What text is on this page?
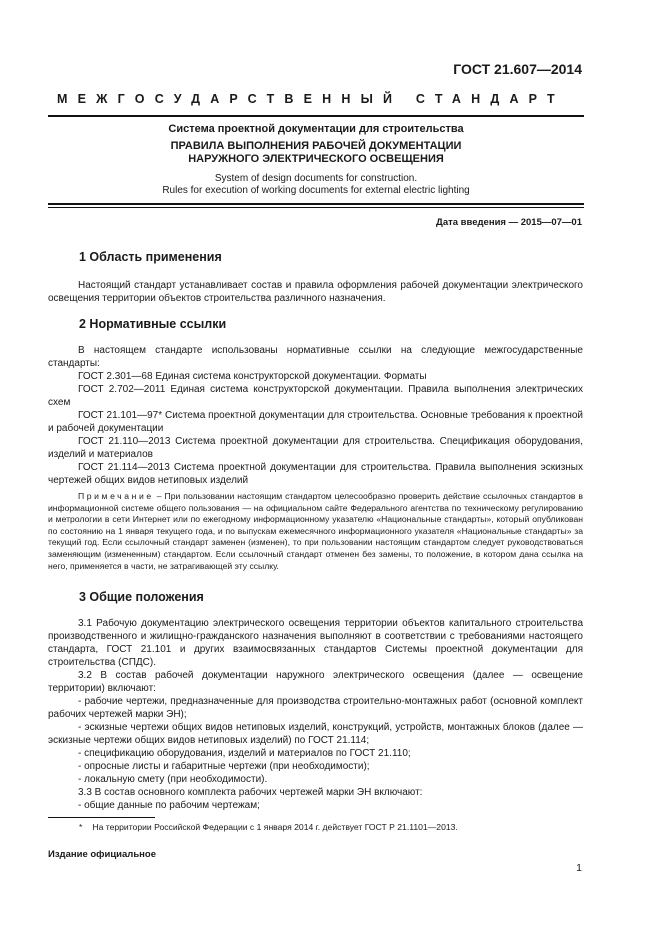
ГОСТ 21.607—2014
МЕЖГОСУДАРСТВЕННЫЙ СТАНДАРТ
Система проектной документации для строительства
ПРАВИЛА ВЫПОЛНЕНИЯ РАБОЧЕЙ ДОКУМЕНТАЦИИ
НАРУЖНОГО ЭЛЕКТРИЧЕСКОГО ОСВЕЩЕНИЯ
System of design documents for construction.
Rules for execution of working documents for external electric lighting
Дата введения — 2015—07—01
1 Область применения

Настоящий стандарт устанавливает состав и правила оформления рабочей документации электрического освещения территории объектов строительства различного назначения.

2 Нормативные ссылки

В настоящем стандарте использованы нормативные ссылки на следующие межгосударственные стандарты:

ГОСТ 2.301—68 Единая система конструкторской документации. Форматы

ГОСТ 2.702—2011 Единая система конструкторской документации. Правила выполнения электрических схем

ГОСТ 21.101—97* Система проектной документации для строительства. Основные требования к проектной и рабочей документации

ГОСТ 21.110—2013 Система проектной документации для строительства. Спецификация оборудования, изделий и материалов

ГОСТ 21.114—2013 Система проектной документации для строительства. Правила выполнения эскизных чертежей общих видов нетиповых изделий

Примечание – При пользовании настоящим стандартом целесообразно проверить действие ссылочных стандартов в информационной системе общего пользования — на официальном сайте Федерального агентства по техническому регулированию и метрологии в сети Интернет или по ежегодному информационному указателю «Национальные стандарты», который опубликован по состоянию на 1 января текущего года, и по выпускам ежемесячного информационного указателя «Национальные стандарты» за текущий год. Если ссылочный стандарт заменен (изменен), то при пользовании настоящим стандартом следует руководствоваться заменяющим (измененным) стандартом. Если ссылочный стандарт отменен без замены, то положение, в котором дана ссылка на него, применяется в части, не затрагивающей эту ссылку.

3 Общие положения

3.1 Рабочую документацию электрического освещения территории объектов капитального строительства производственного и жилищно-гражданского назначения выполняют в соответствии с требованиями настоящего стандарта, ГОСТ 21.101 и других взаимосвязанных стандартов Системы проектной документации для строительства (СПДС).

3.2 В состав рабочей документации наружного электрического освещения (далее — освещение территории) включают:

- рабочие чертежи, предназначенные для производства строительно-монтажных работ (основной комплект рабочих чертежей марки ЭН);

- эскизные чертежи общих видов нетиповых изделий, конструкций, устройств, монтажных блоков (далее — эскизные чертежи общих видов нетиповых изделий) по ГОСТ 21.114;

- спецификацию оборудования, изделий и материалов по ГОСТ 21.110;

- опросные листы и габаритные чертежи (при необходимости);

- локальную смету (при необходимости).

3.3 В состав основного комплекта рабочих чертежей марки ЭН включают:

- общие данные по рабочим чертежам;

* На территории Российской Федерации с 1 января 2014 г. действует ГОСТ Р 21.1101—2013.
Издание официальное
1
